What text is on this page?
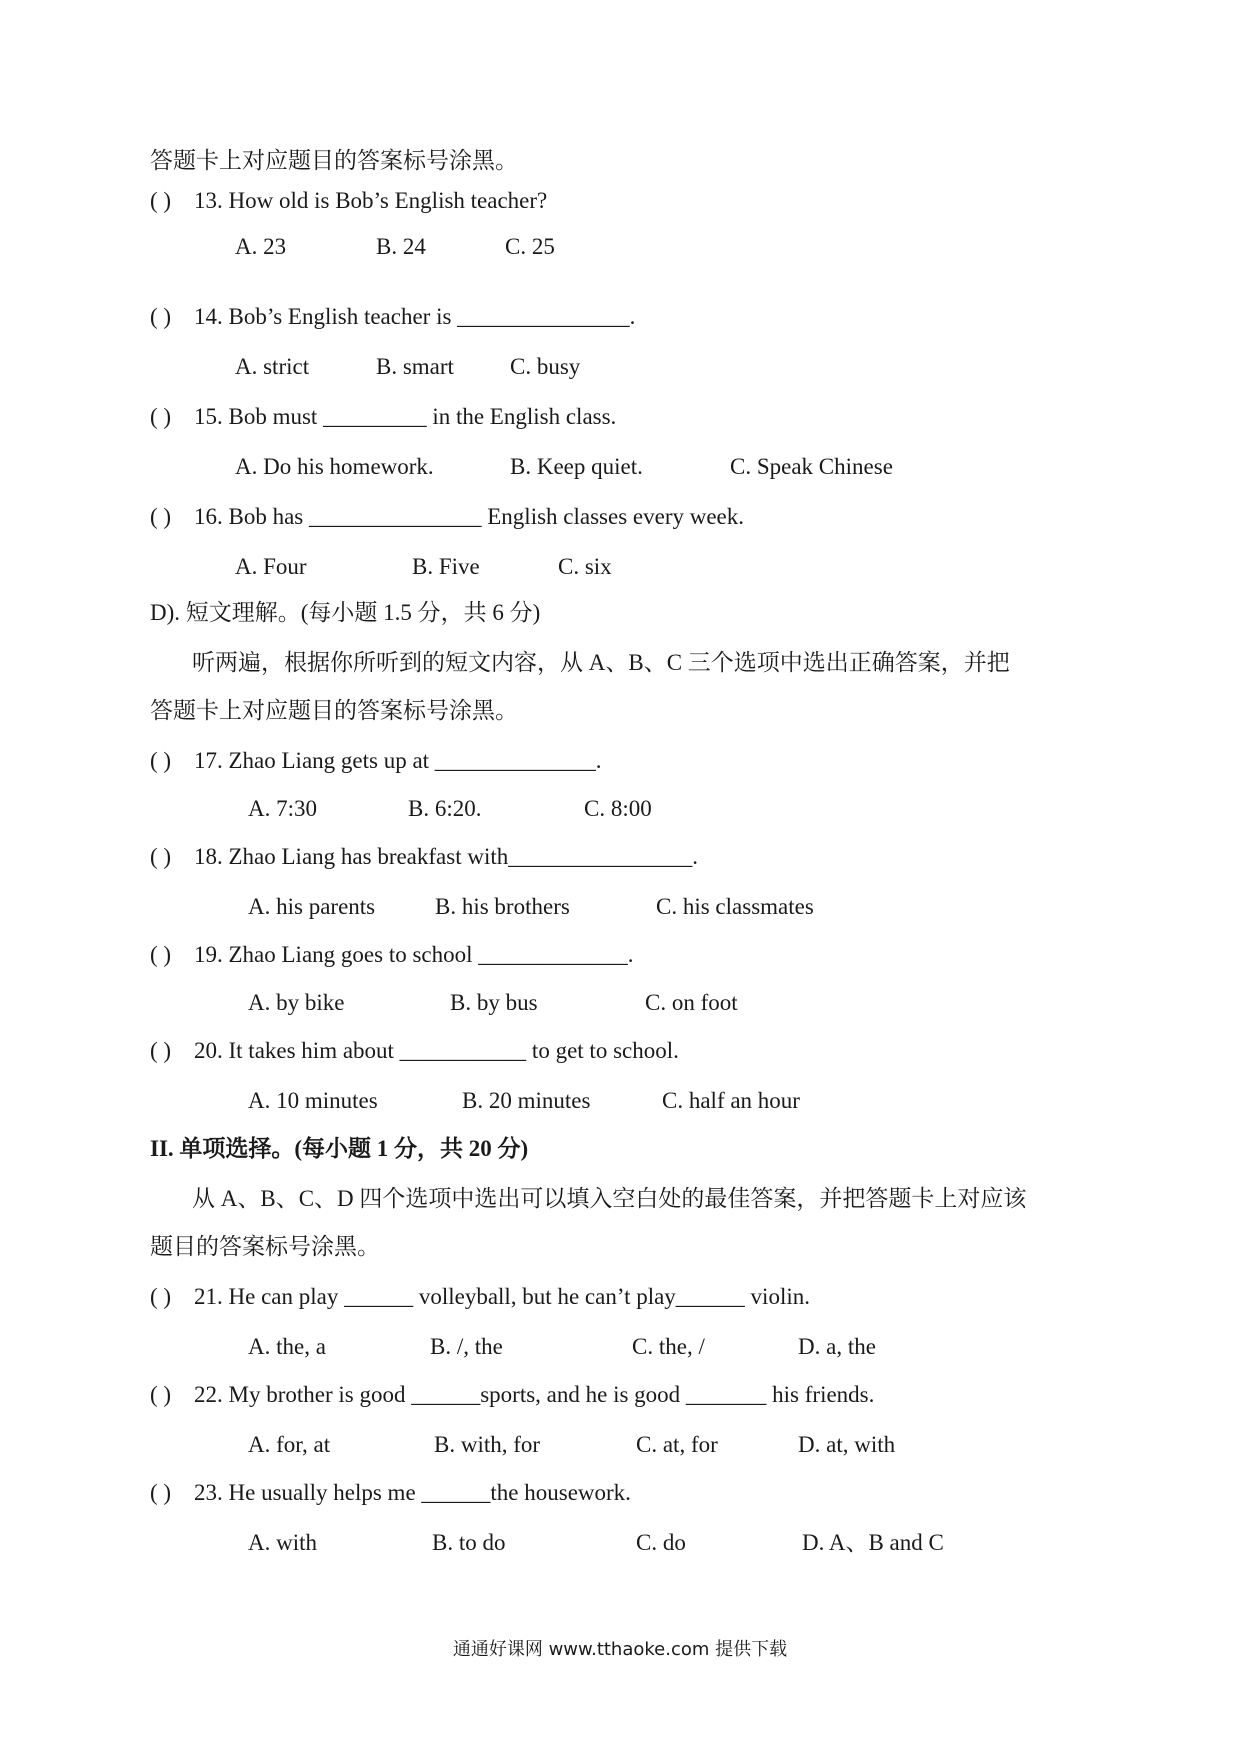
答题卡上对应题目的答案标号涂黑。
( ) 13. How old is Bob’s English teacher?
A. 23	B. 24	C. 25
( ) 14. Bob’s English teacher is _______________.
A. strict	B. smart C. busy
( ) 15. Bob must _________ in the English class.
A. Do his homework.	B. Keep quiet.	C. Speak Chinese
( ) 16. Bob has _______________ English classes every week.
A. Four	B. Five	C. six
D). 短文理解。(每小题 1.5 分，共 6 分)
听两遍，根据你所听到的短文内容，从 A、B、C 三个选项中选出正确答案，并把
答题卡上对应题目的答案标号涂黑。
( ) 17. Zhao Liang gets up at ______________.
A. 7:30	B. 6:20.	C. 8:00
( ) 18. Zhao Liang has breakfast with________________.
A. his parents	B. his brothers	C. his classmates
( ) 19. Zhao Liang goes to school _____________.
A. by bike	B. by bus	C. on foot
( ) 20. It takes him about ___________ to get to school.
A. 10 minutes	B. 20 minutes	C. half an hour
II. 单项选择。(每小题 1 分，共 20 分)
从 A、B、C、D 四个选项中选出可以填入空白处的最佳答案，并把答题卡上对应该
题目的答案标号涂黑。
( ) 21. He can play ______ volleyball, but he can’t play______ violin.
A. the, a	B. /, the	C. the, /	D. a, the
( ) 22. My brother is good ______sports, and he is good _______ his friends.
A. for, at	B. with, for	C. at, for	D. at, with
( ) 23. He usually helps me ______the housework.
A. with	B. to do	C. do	D. A、B and C
通通好课网 www.tthaoke.com 提供下载
